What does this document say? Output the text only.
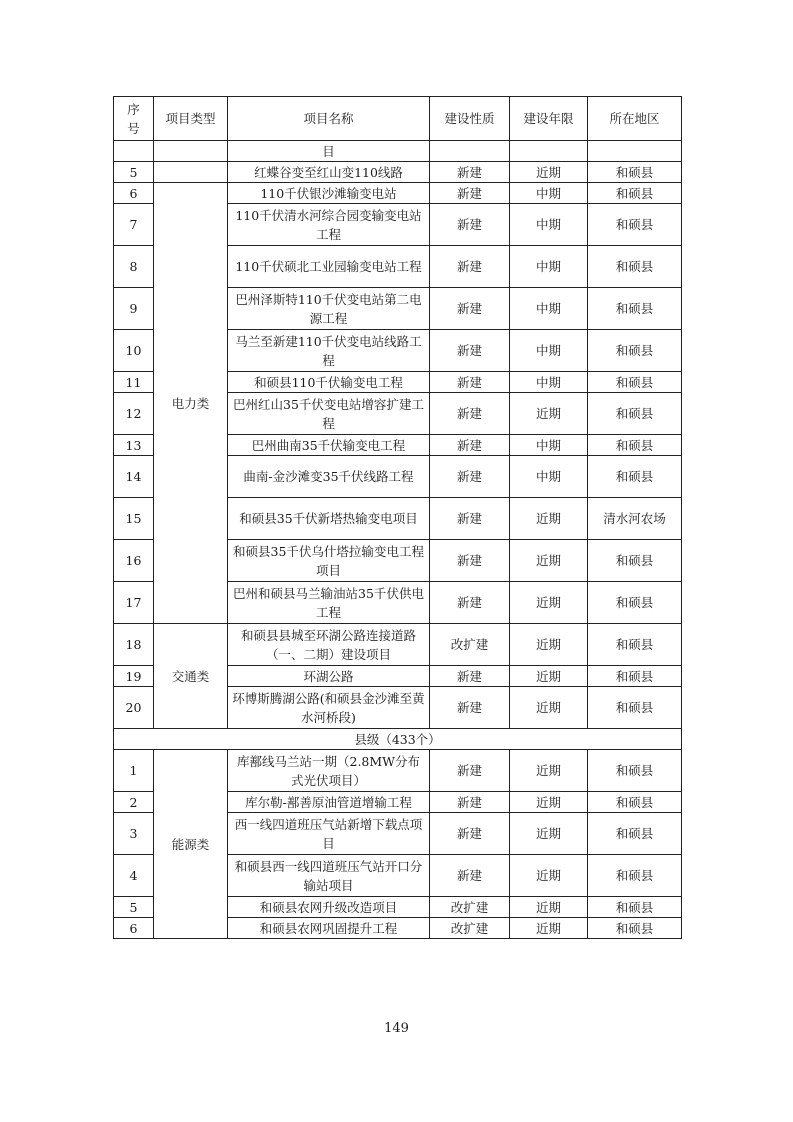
序号	项目类型	项目名称	建设性质	建设年限	所在地区
		目			
5		红蝶谷变至红山变110线路	新建	近期	和硕县
6	电力类	110千伏银沙滩输变电站	新建	中期	和硕县
7		110千伏清水河综合园变输变电站工程	新建	中期	和硕县
8		110千伏硕北工业园输变电站工程	新建	中期	和硕县
9		巴州泽斯特110千伏变电站第二电源工程	新建	中期	和硕县
10		马兰至新建110千伏变电站线路工程	新建	中期	和硕县
11		和硕县110千伏输变电工程	新建	中期	和硕县
12		巴州红山35千伏变电站增容扩建工程	新建	近期	和硕县
13		巴州曲南35千伏输变电工程	新建	中期	和硕县
14		曲南-金沙滩变35千伏线路工程	新建	中期	和硕县
15		和硕县35千伏新塔热输变电项目	新建	近期	清水河农场
16		和硕县35千伏乌什塔拉输变电工程项目	新建	近期	和硕县
17		巴州和硕县马兰输油站35千伏供电工程	新建	近期	和硕县
18	交通类	和硕县县城至环湖公路连接道路（一、二期）建设项目	改扩建	近期	和硕县
19		环湖公路	新建	近期	和硕县
20		环博斯腾湖公路(和硕县金沙滩至黄水河桥段)	新建	近期	和硕县
县级（433个）					
1	能源类	库鄯线马兰站一期（2.8MW分布式光伏项目）	新建	近期	和硕县
2		库尔勒-鄯善原油管道增输工程	新建	近期	和硕县
3		西一线四道班压气站新增下载点项目	新建	近期	和硕县
4		和硕县西一线四道班压气站开口分输站项目	新建	近期	和硕县
5		和硕县农网升级改造项目	改扩建	近期	和硕县
6		和硕县农网巩固提升工程	改扩建	近期	和硕县
149
